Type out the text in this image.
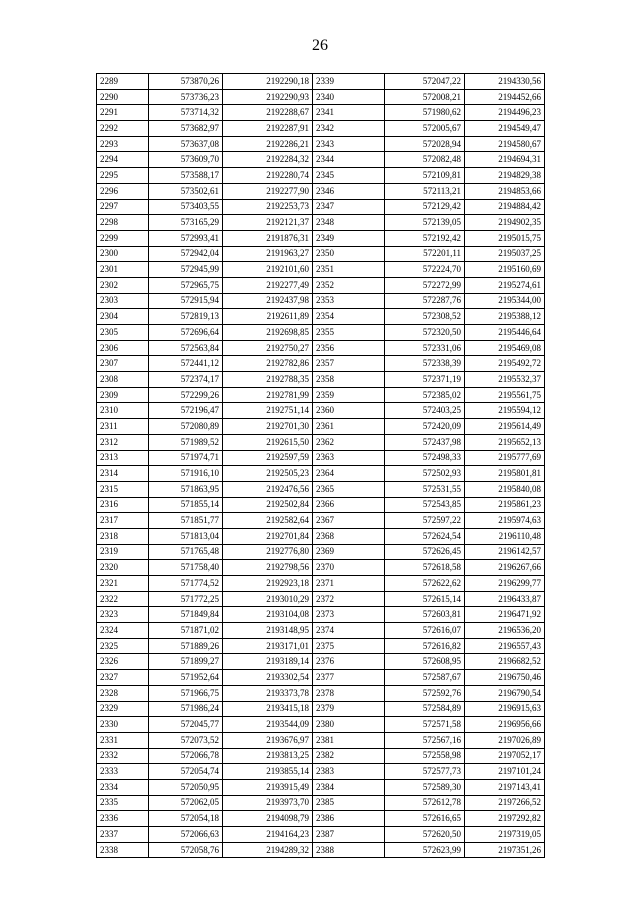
26
2289	573870,26	2192290,18	2339	572047,22	2194330,56
2290	573736,23	2192290,93	2340	572008,21	2194452,66
2291	573714,32	2192288,67	2341	571980,62	2194496,23
2292	573682,97	2192287,91	2342	572005,67	2194549,47
2293	573637,08	2192286,21	2343	572028,94	2194580,67
2294	573609,70	2192284,32	2344	572082,48	2194694,31
2295	573588,17	2192280,74	2345	572109,81	2194829,38
2296	573502,61	2192277,90	2346	572113,21	2194853,66
2297	573403,55	2192253,73	2347	572129,42	2194884,42
2298	573165,29	2192121,37	2348	572139,05	2194902,35
2299	572993,41	2191876,31	2349	572192,42	2195015,75
2300	572942,04	2191963,27	2350	572201,11	2195037,25
2301	572945,99	2192101,60	2351	572224,70	2195160,69
2302	572965,75	2192277,49	2352	572272,99	2195274,61
2303	572915,94	2192437,98	2353	572287,76	2195344,00
2304	572819,13	2192611,89	2354	572308,52	2195388,12
2305	572696,64	2192698,85	2355	572320,50	2195446,64
2306	572563,84	2192750,27	2356	572331,06	2195469,08
2307	572441,12	2192782,86	2357	572338,39	2195492,72
2308	572374,17	2192788,35	2358	572371,19	2195532,37
2309	572299,26	2192781,99	2359	572385,02	2195561,75
2310	572196,47	2192751,14	2360	572403,25	2195594,12
2311	572080,89	2192701,30	2361	572420,09	2195614,49
2312	571989,52	2192615,50	2362	572437,98	2195652,13
2313	571974,71	2192597,59	2363	572498,33	2195777,69
2314	571916,10	2192505,23	2364	572502,93	2195801,81
2315	571863,95	2192476,56	2365	572531,55	2195840,08
2316	571855,14	2192502,84	2366	572543,85	2195861,23
2317	571851,77	2192582,64	2367	572597,22	2195974,63
2318	571813,04	2192701,84	2368	572624,54	2196110,48
2319	571765,48	2192776,80	2369	572626,45	2196142,57
2320	571758,40	2192798,56	2370	572618,58	2196267,66
2321	571774,52	2192923,18	2371	572622,62	2196299,77
2322	571772,25	2193010,29	2372	572615,14	2196433,87
2323	571849,84	2193104,08	2373	572603,81	2196471,92
2324	571871,02	2193148,95	2374	572616,07	2196536,20
2325	571889,26	2193171,01	2375	572616,82	2196557,43
2326	571899,27	2193189,14	2376	572608,95	2196682,52
2327	571952,64	2193302,54	2377	572587,67	2196750,46
2328	571966,75	2193373,78	2378	572592,76	2196790,54
2329	571986,24	2193415,18	2379	572584,89	2196915,63
2330	572045,77	2193544,09	2380	572571,58	2196956,66
2331	572073,52	2193676,97	2381	572567,16	2197026,89
2332	572066,78	2193813,25	2382	572558,98	2197052,17
2333	572054,74	2193855,14	2383	572577,73	2197101,24
2334	572050,95	2193915,49	2384	572589,30	2197143,41
2335	572062,05	2193973,70	2385	572612,78	2197266,52
2336	572054,18	2194098,79	2386	572616,65	2197292,82
2337	572066,63	2194164,23	2387	572620,50	2197319,05
2338	572058,76	2194289,32	2388	572623,99	2197351,26
